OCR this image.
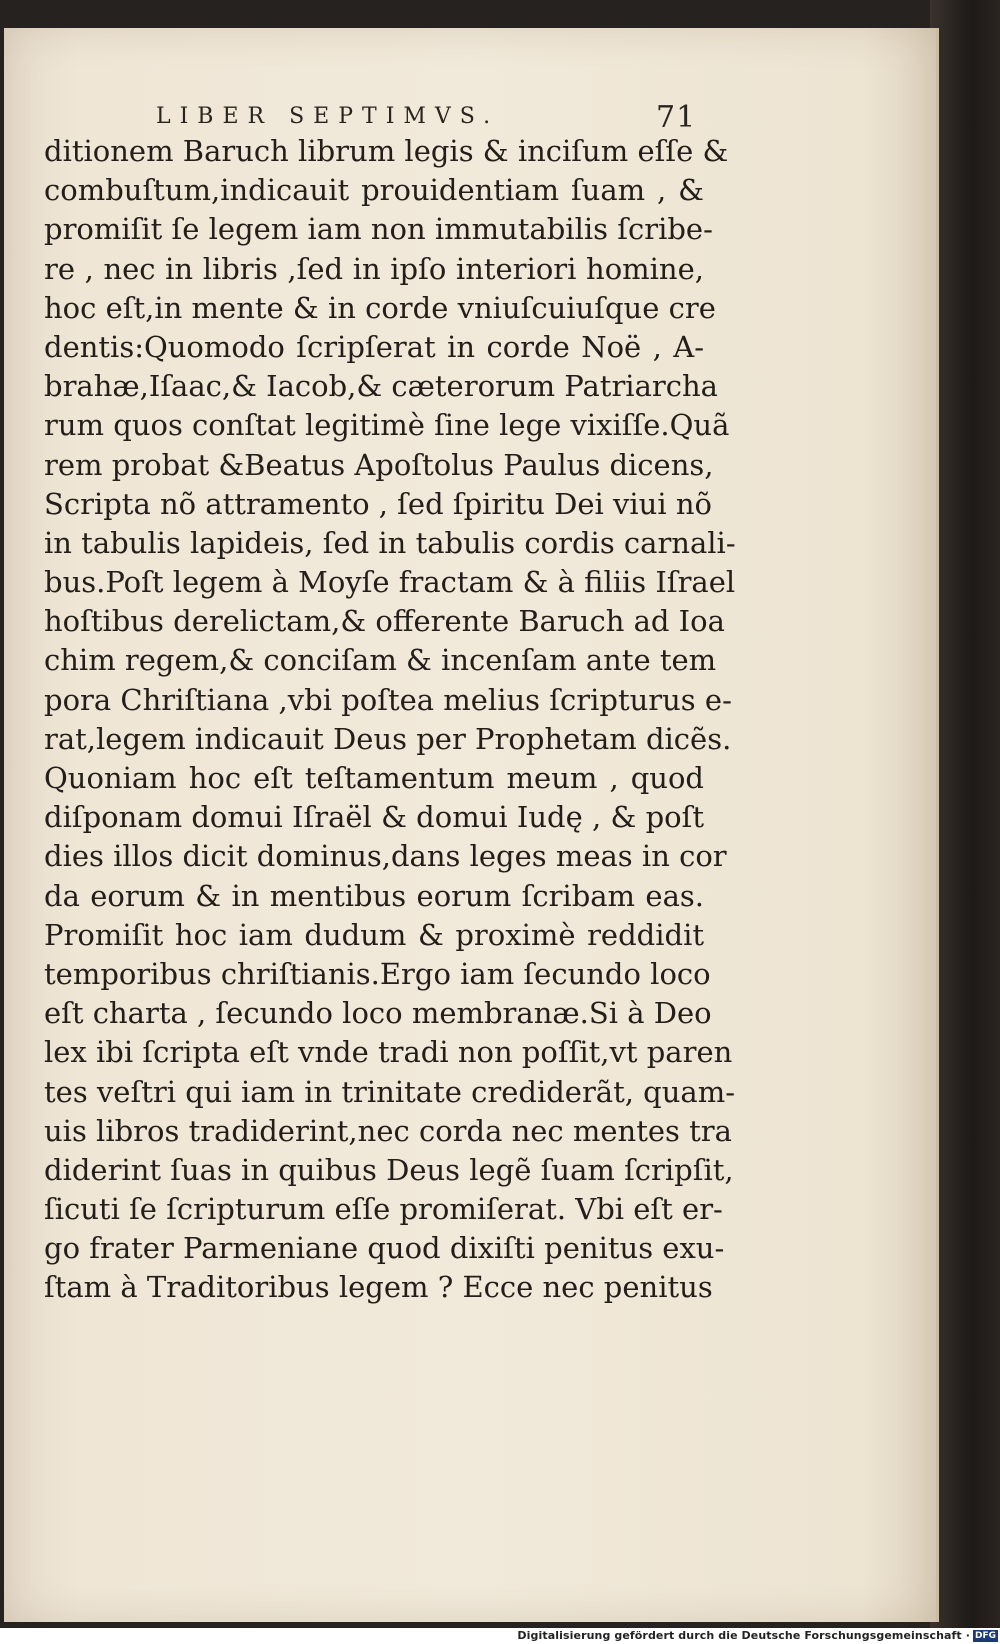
LIBER SEPTIMVS.	71
ditionem Baruch librum legis & inciſum eſſe &
combuſtum,indicauit prouidentiam ſuam , &
promiſit ſe legem iam non immutabilis ſcribe-
re , nec in libris ,ſed in ipſo interiori homine,
hoc eſt,in mente & in corde vniuſcuiuſque cre
dentis:Quomodo ſcripſerat in corde Noë , A-
brahæ,Iſaac,& Iacob,& cæterorum Patriarcha
rum quos conſtat legitimè ſine lege vixiſſe.Quã
rem probat &Beatus Apoſtolus Paulus dicens,
Scripta nõ attramento , ſed ſpiritu Dei viui nõ
in tabulis lapideis, ſed in tabulis cordis carnali-
bus.Poſt legem à Moyſe fractam & à filiis Iſrael
hoſtibus derelictam,& offerente Baruch ad Ioa
chim regem,& conciſam & incenſam ante tem
pora Chriſtiana ,vbi poſtea melius ſcripturus e-
rat,legem indicauit Deus per Prophetam dicẽs.
Quoniam hoc eſt teſtamentum meum , quod
diſponam domui Iſraël & domui Iudę , & poſt
dies illos dicit dominus,dans leges meas in cor
da eorum & in mentibus eorum ſcribam eas.
Promiſit hoc iam dudum & proximè reddidit
temporibus chriſtianis.Ergo iam ſecundo loco
eſt charta , ſecundo loco membranæ.Si à Deo
lex ibi ſcripta eſt vnde tradi non poſſit,vt paren
tes veſtri qui iam in trinitate crediderãt, quam-
uis libros tradiderint,nec corda nec mentes tra
diderint ſuas in quibus Deus legẽ ſuam ſcripſit,
ſicuti ſe ſcripturum eſſe promiſerat. Vbi eſt er-
go frater Parmeniane quod dixiſti penitus exu-
ſtam à Traditoribus legem ? Ecce nec penitus
Digitalisierung gefördert durch die Deutsche Forschungsgemeinschaft · DFG
